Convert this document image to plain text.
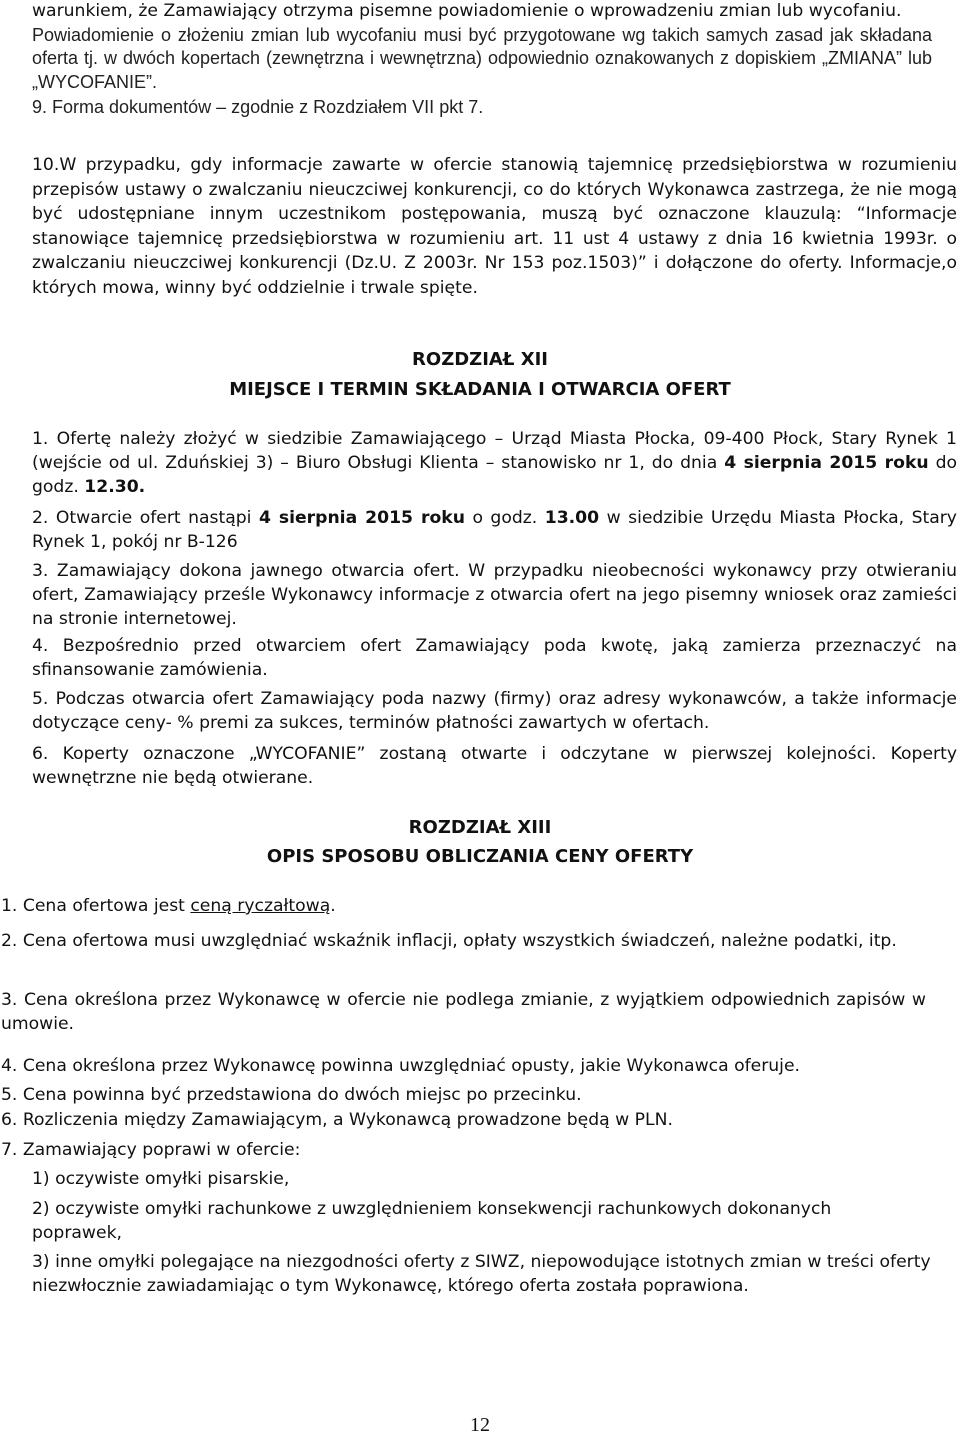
warunkiem, że Zamawiający otrzyma pisemne powiadomienie o wprowadzeniu zmian lub wycofaniu.

Powiadomienie o złożeniu zmian lub wycofaniu musi być przygotowane wg takich samych zasad jak składana oferta tj. w dwóch kopertach (zewnętrzna i wewnętrzna) odpowiednio oznakowanych z dopiskiem „ZMIANA” lub „WYCOFANIE”.

9. Forma dokumentów – zgodnie z Rozdziałem VII pkt 7.

10.W przypadku, gdy informacje zawarte w ofercie stanowią tajemnicę przedsiębiorstwa w rozumieniu przepisów ustawy o zwalczaniu nieuczciwej konkurencji, co do których Wykonawca zastrzega, że nie mogą być udostępniane innym uczestnikom postępowania, muszą być oznaczone klauzulą: “Informacje stanowiące tajemnicę przedsiębiorstwa w rozumieniu art. 11 ust 4 ustawy z dnia 16 kwietnia 1993r. o zwalczaniu nieuczciwej konkurencji (Dz.U. Z 2003r. Nr 153 poz.1503)” i dołączone do oferty. Informacje,o których mowa, winny być oddzielnie i trwale spięte.
ROZDZIAŁ XII
MIEJSCE I TERMIN SKŁADANIA I OTWARCIA OFERT
1. Ofertę należy złożyć w siedzibie Zamawiającego – Urząd Miasta Płocka, 09-400 Płock, Stary Rynek 1 (wejście od ul. Zduńskiej 3) – Biuro Obsługi Klienta – stanowisko nr 1, do dnia 4 sierpnia 2015 roku do godz. 12.30.
2. Otwarcie ofert nastąpi 4 sierpnia 2015 roku o godz. 13.00 w siedzibie Urzędu Miasta Płocka, Stary Rynek 1, pokój nr B-126
3. Zamawiający dokona jawnego otwarcia ofert. W przypadku nieobecności wykonawcy przy otwieraniu ofert, Zamawiający prześle Wykonawcy informacje z otwarcia ofert na jego pisemny wniosek oraz zamieści na stronie internetowej.
4. Bezpośrednio przed otwarciem ofert Zamawiający poda kwotę, jaką zamierza przeznaczyć na sfinansowanie zamówienia.
5. Podczas otwarcia ofert Zamawiający poda nazwy (firmy) oraz adresy wykonawców, a także informacje dotyczące ceny- % premi za sukces, terminów płatności zawartych w ofertach.
6. Koperty oznaczone „WYCOFANIE” zostaną otwarte i odczytane w pierwszej kolejności. Koperty wewnętrzne nie będą otwierane.
ROZDZIAŁ XIII
OPIS SPOSOBU OBLICZANIA CENY OFERTY
1. Cena ofertowa jest ceną ryczałtową.
2. Cena ofertowa musi uwzględniać wskaźnik inflacji, opłaty wszystkich świadczeń, należne podatki, itp.
3. Cena określona przez Wykonawcę w ofercie nie podlega zmianie, z wyjątkiem odpowiednich zapisów w umowie.
4. Cena określona przez Wykonawcę powinna uwzględniać opusty, jakie Wykonawca oferuje.
5. Cena powinna być przedstawiona do dwóch miejsc po przecinku.
6. Rozliczenia między Zamawiającym, a Wykonawcą prowadzone będą w PLN.
7. Zamawiający poprawi w ofercie:
1) oczywiste omyłki pisarskie,
2) oczywiste omyłki rachunkowe z uwzględnieniem konsekwencji rachunkowych dokonanych poprawek,
3) inne omyłki polegające na niezgodności oferty z SIWZ, niepowodujące istotnych zmian w treści oferty niezwłocznie zawiadamiając o tym Wykonawcę, którego oferta została poprawiona.
12
